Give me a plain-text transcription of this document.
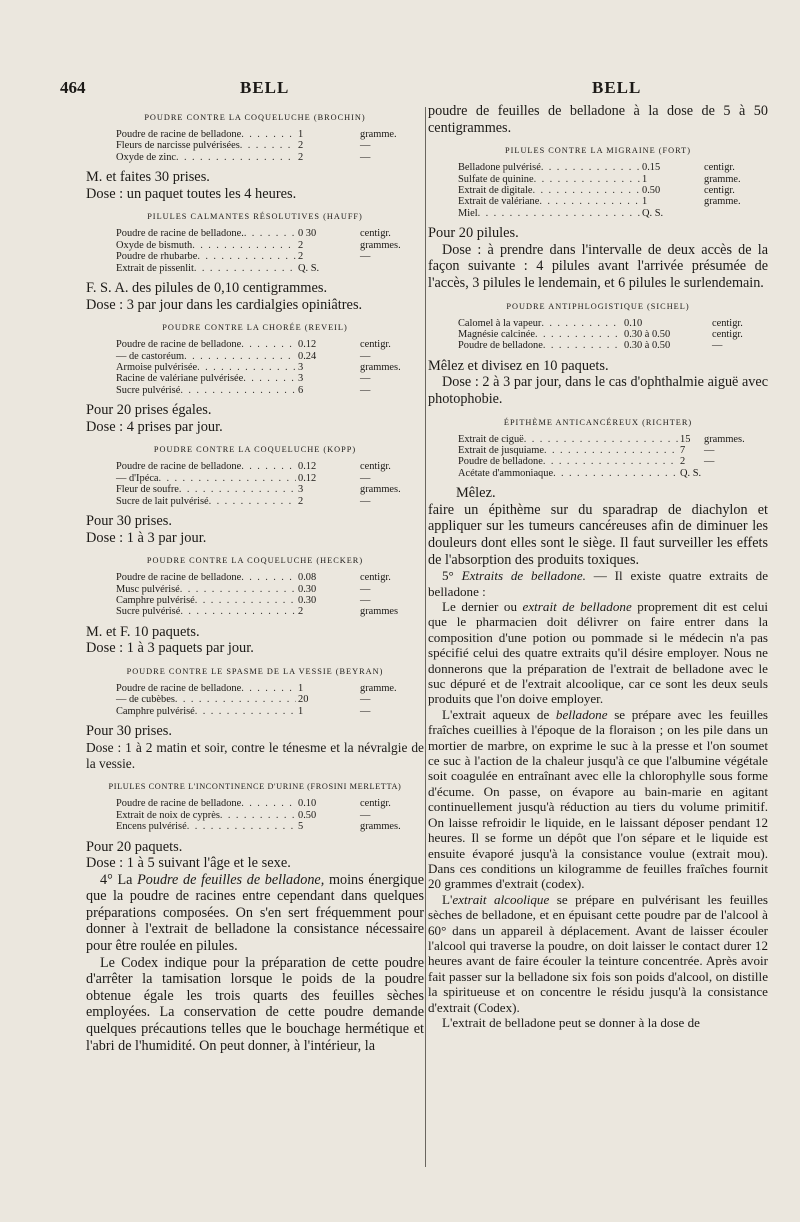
464	BELL	BELL
POUDRE CONTRE LA COQUELUCHE (BROCHIN)
Poudre de racine de belladone . . .	1	gramme.
Fleurs de narcisse pulvérisées . . .	2	—
Oxyde de zinc . . .	2	—
M. et faites 30 prises.
Dose : un paquet toutes les 4 heures.
PILULES CALMANTES RÉSOLUTIVES (HAUFF)
Poudre de racine de belladone. . . .	0 30	centigr.
Oxyde de bismuth . . .	2	grammes.
Poudre de rhubarbe . . .	2	—
Extrait de pissenlit . . .	Q. S.
F. S. A. des pilules de 0,10 centigrammes.
Dose : 3 par jour dans les cardialgies opiniâtres.
POUDRE CONTRE LA CHORÉE (REVEIL)
Poudre de racine de belladone . . .	0.12	centigr.
— de castoréum . . .	0.24	—
Armoise pulvérisée . . .	3	grammes.
Racine de valériane pulvérisée . . .	3	—
Sucre pulvérisé . . .	6	—
Pour 20 prises égales.
Dose : 4 prises par jour.
POUDRE CONTRE LA COQUELUCHE (KOPP)
Poudre de racine de belladone . . .	0.12	centigr.
— d'Ipéca . . .	0.12	—
Fleur de soufre . . .	3	grammes.
Sucre de lait pulvérisé . . .	2	—
Pour 30 prises.
Dose : 1 à 3 par jour.
POUDRE CONTRE LA COQUELUCHE (HECKER)
Poudre de racine de belladone . . .	0.08	centigr.
Musc pulvérisé . . .	0.30	—
Camphre pulvérisé . . .	0.30	—
Sucre pulvérisé . . .	2	grammes
M. et F. 10 paquets.
Dose : 1 à 3 paquets par jour.
POUDRE CONTRE LE SPASME DE LA VESSIE (BEYRAN)
Poudre de racine de belladone . . .	1	gramme.
— de cubèbes . . .	20	—
Camphre pulvérisé . . .	1	—
Pour 30 prises.

Dose : 1 à 2 matin et soir, contre le ténesme et la névralgie de la vessie.

PILULES CONTRE L'INCONTINENCE D'URINE (FROSINI MERLETTA)
Poudre de racine de belladone . . .	0.10	centigr.
Extrait de noix de cyprès . . .	0.50	—
Encens pulvérisé . . .	5	grammes.
Pour 20 paquets.
Dose : 1 à 5 suivant l'âge et le sexe.

4° La Poudre de feuilles de belladone, moins énergique que la poudre de racines entre cependant dans quelques préparations composées. On s'en sert fréquemment pour donner à l'extrait de belladone la consistance nécessaire pour être roulée en pilules.

Le Codex indique pour la préparation de cette poudre d'arrêter la tamisation lorsque le poids de la poudre obtenue égale les trois quarts des feuilles sèches employées. La conservation de cette poudre demande quelques précautions telles que le bouchage hermétique et l'abri de l'humidité. On peut donner, à l'intérieur, la

poudre de feuilles de belladone à la dose de 5 à 50 centigrammes.

PILULES CONTRE LA MIGRAINE (FORT)
Belladone pulvérisé . . .	0.15	centigr.
Sulfate de quinine . . .	1	gramme.
Extrait de digitale . . .	0.50	centigr.
Extrait de valériane . . .	1	gramme.
Miel . . .	Q. S.
Pour 20 pilules.

Dose : à prendre dans l'intervalle de deux accès de la façon suivante : 4 pilules avant l'arrivée présumée de l'accès, 3 pilules le lendemain, et 6 pilules le surlendemain.

POUDRE ANTIPHLOGISTIQUE (SICHEL)
Calomel à la vapeur . . .	0.10	centigr.
Magnésie calcinée . . .	0.30 à 0.50	centigr.
Poudre de belladone . . .	0.30 à 0.50	—
Mêlez et divisez en 10 paquets.

Dose : 2 à 3 par jour, dans le cas d'ophthalmie aiguë avec photophobie.

ÉPITHÈME ANTICANCÉREUX (RICHTER)
Extrait de ciguë . . .	15	grammes.
Extrait de jusquiame . . .	7	—
Poudre de belladone . . .	2	—
Acétate d'ammoniaque . . .	Q. S.
Mêlez.

faire un épithème sur du sparadrap de diachylon et appliquer sur les tumeurs cancéreuses afin de diminuer les douleurs dont elles sont le siège. Il faut surveiller les effets de l'absorption des produits toxiques.

5° Extraits de belladone. — Il existe quatre extraits de belladone :

Le dernier ou extrait de belladone proprement dit est celui que le pharmacien doit délivrer on faire entrer dans la composition d'une potion ou pommade si le médecin n'a pas spécifié celui des quatre extraits qu'il désire employer. Nous ne donnerons que la préparation de l'extrait de belladone avec le suc dépuré et de l'extrait alcoolique, car ce sont les deux seuls produits que l'on doive employer.

L'extrait aqueux de belladone se prépare avec les feuilles fraîches cueillies à l'époque de la floraison ; on les pile dans un mortier de marbre, on exprime le suc à la presse et l'on soumet ce suc à l'action de la chaleur jusqu'à ce que l'albumine végétale soit coagulée en entraînant avec elle la chlorophylle sous forme d'écume. On passe, on évapore au bain-marie en agitant continuellement jusqu'à réduction au tiers du volume primitif. On laisse refroidir le liquide, en le laissant déposer pendant 12 heures. Il se forme un dépôt que l'on sépare et le liquide est ensuite évaporé jusqu'à la consistance voulue (extrait mou). Dans ces conditions un kilogramme de feuilles fraîches fournit 20 grammes d'extrait (codex).

L'extrait alcoolique se prépare en pulvérisant les feuilles sèches de belladone, et en épuisant cette poudre par de l'alcool à 60° dans un appareil à déplacement. Avant de laisser écouler l'alcool qui traverse la poudre, on doit laisser le contact durer 12 heures avant de faire écouler la teinture concentrée. Après avoir fait passer sur la belladone six fois son poids d'alcool, on distille la spiritueuse et on concentre le résidu jusqu'à la consistance d'extrait (Codex).

L'extrait de belladone peut se donner à la dose de
